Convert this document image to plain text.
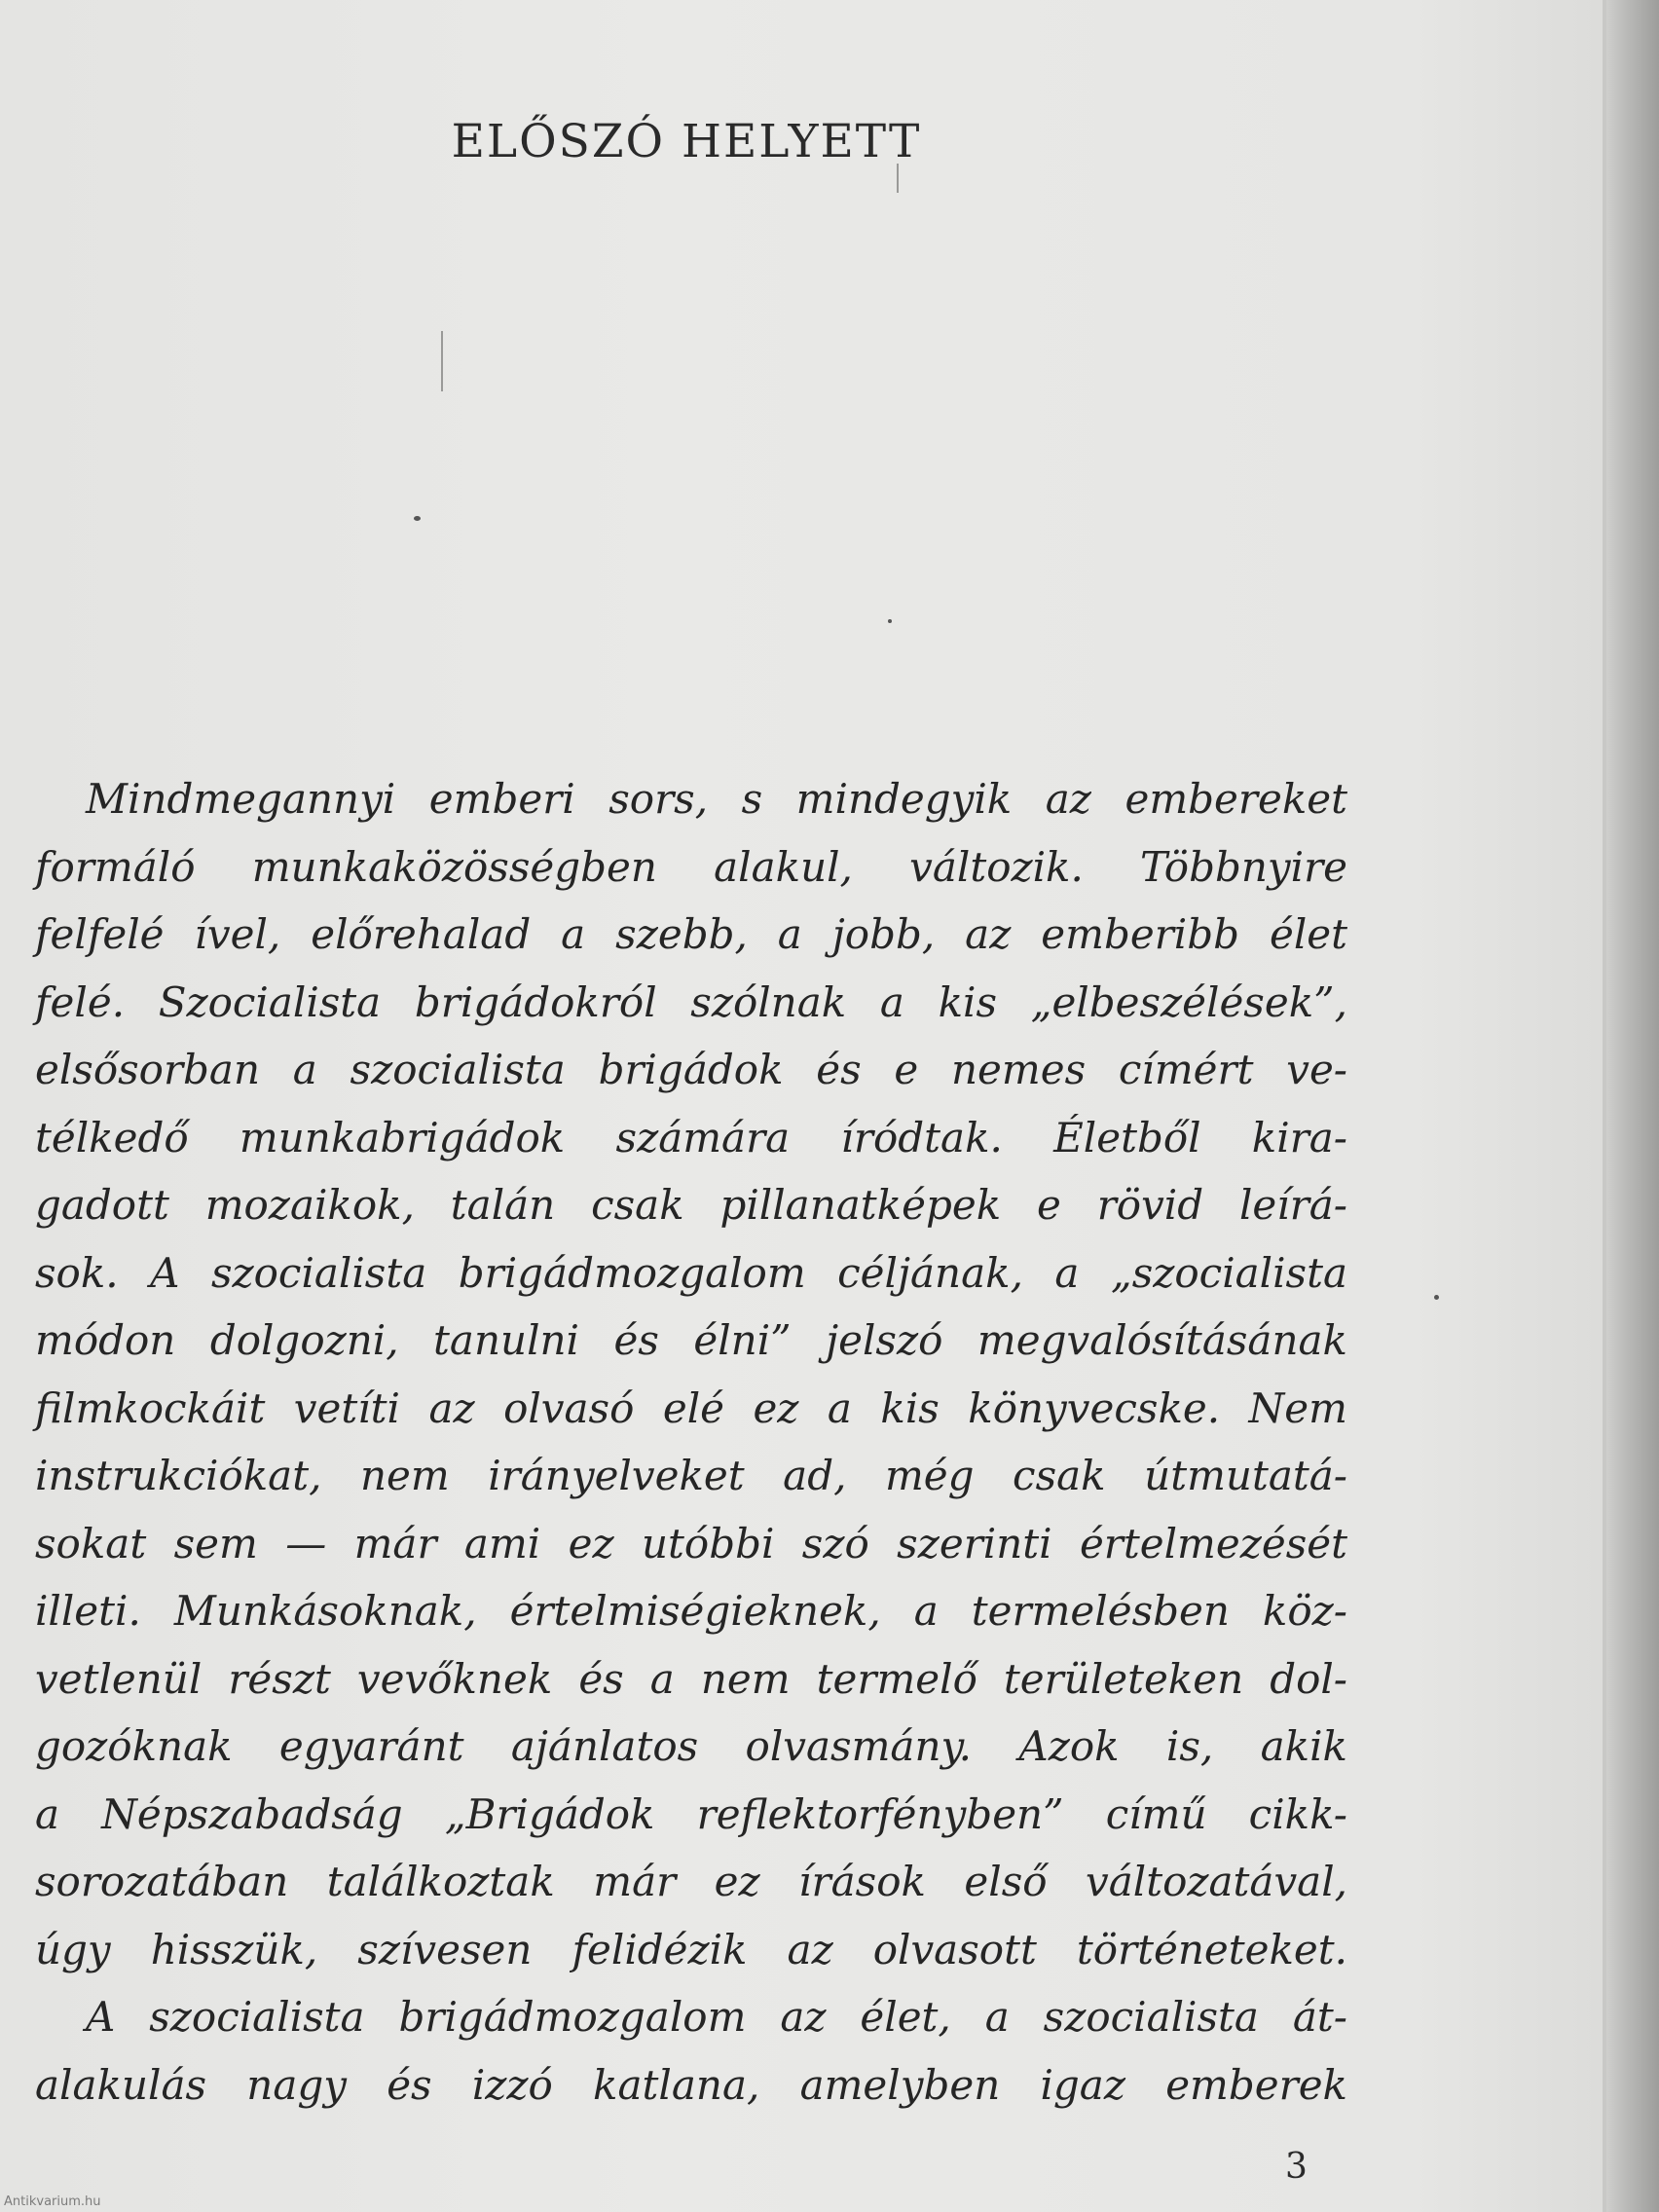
ELŐSZÓ HELYETT
Mindmegannyi emberi sors, s mindegyik az embereket
formáló munkaközösségben alakul, változik. Többnyire
felfelé ível, előrehalad a szebb, a jobb, az emberibb élet
felé. Szocialista brigádokról szólnak a kis „elbeszélések”,
elsősorban a szocialista brigádok és e nemes címért ve-
télkedő munkabrigádok számára íródtak. Életből kira-
gadott mozaikok, talán csak pillanatképek e rövid leírá-
sok. A szocialista brigádmozgalom céljának, a „szocialista
módon dolgozni, tanulni és élni” jelszó megvalósításának
filmkockáit vetíti az olvasó elé ez a kis könyvecske. Nem
instrukciókat, nem irányelveket ad, még csak útmutatá-
sokat sem — már ami ez utóbbi szó szerinti értelmezését
illeti. Munkásoknak, értelmiségieknek, a termelésben köz-
vetlenül részt vevőknek és a nem termelő területeken dol-
gozóknak egyaránt ajánlatos olvasmány. Azok is, akik
a Népszabadság „Brigádok reflektorfényben” című cikk-
sorozatában találkoztak már ez írások első változatával,
úgy hisszük, szívesen felidézik az olvasott történeteket.
A szocialista brigádmozgalom az élet, a szocialista át-
alakulás nagy és izzó katlana, amelyben igaz emberek
3
Antikvarium.hu
